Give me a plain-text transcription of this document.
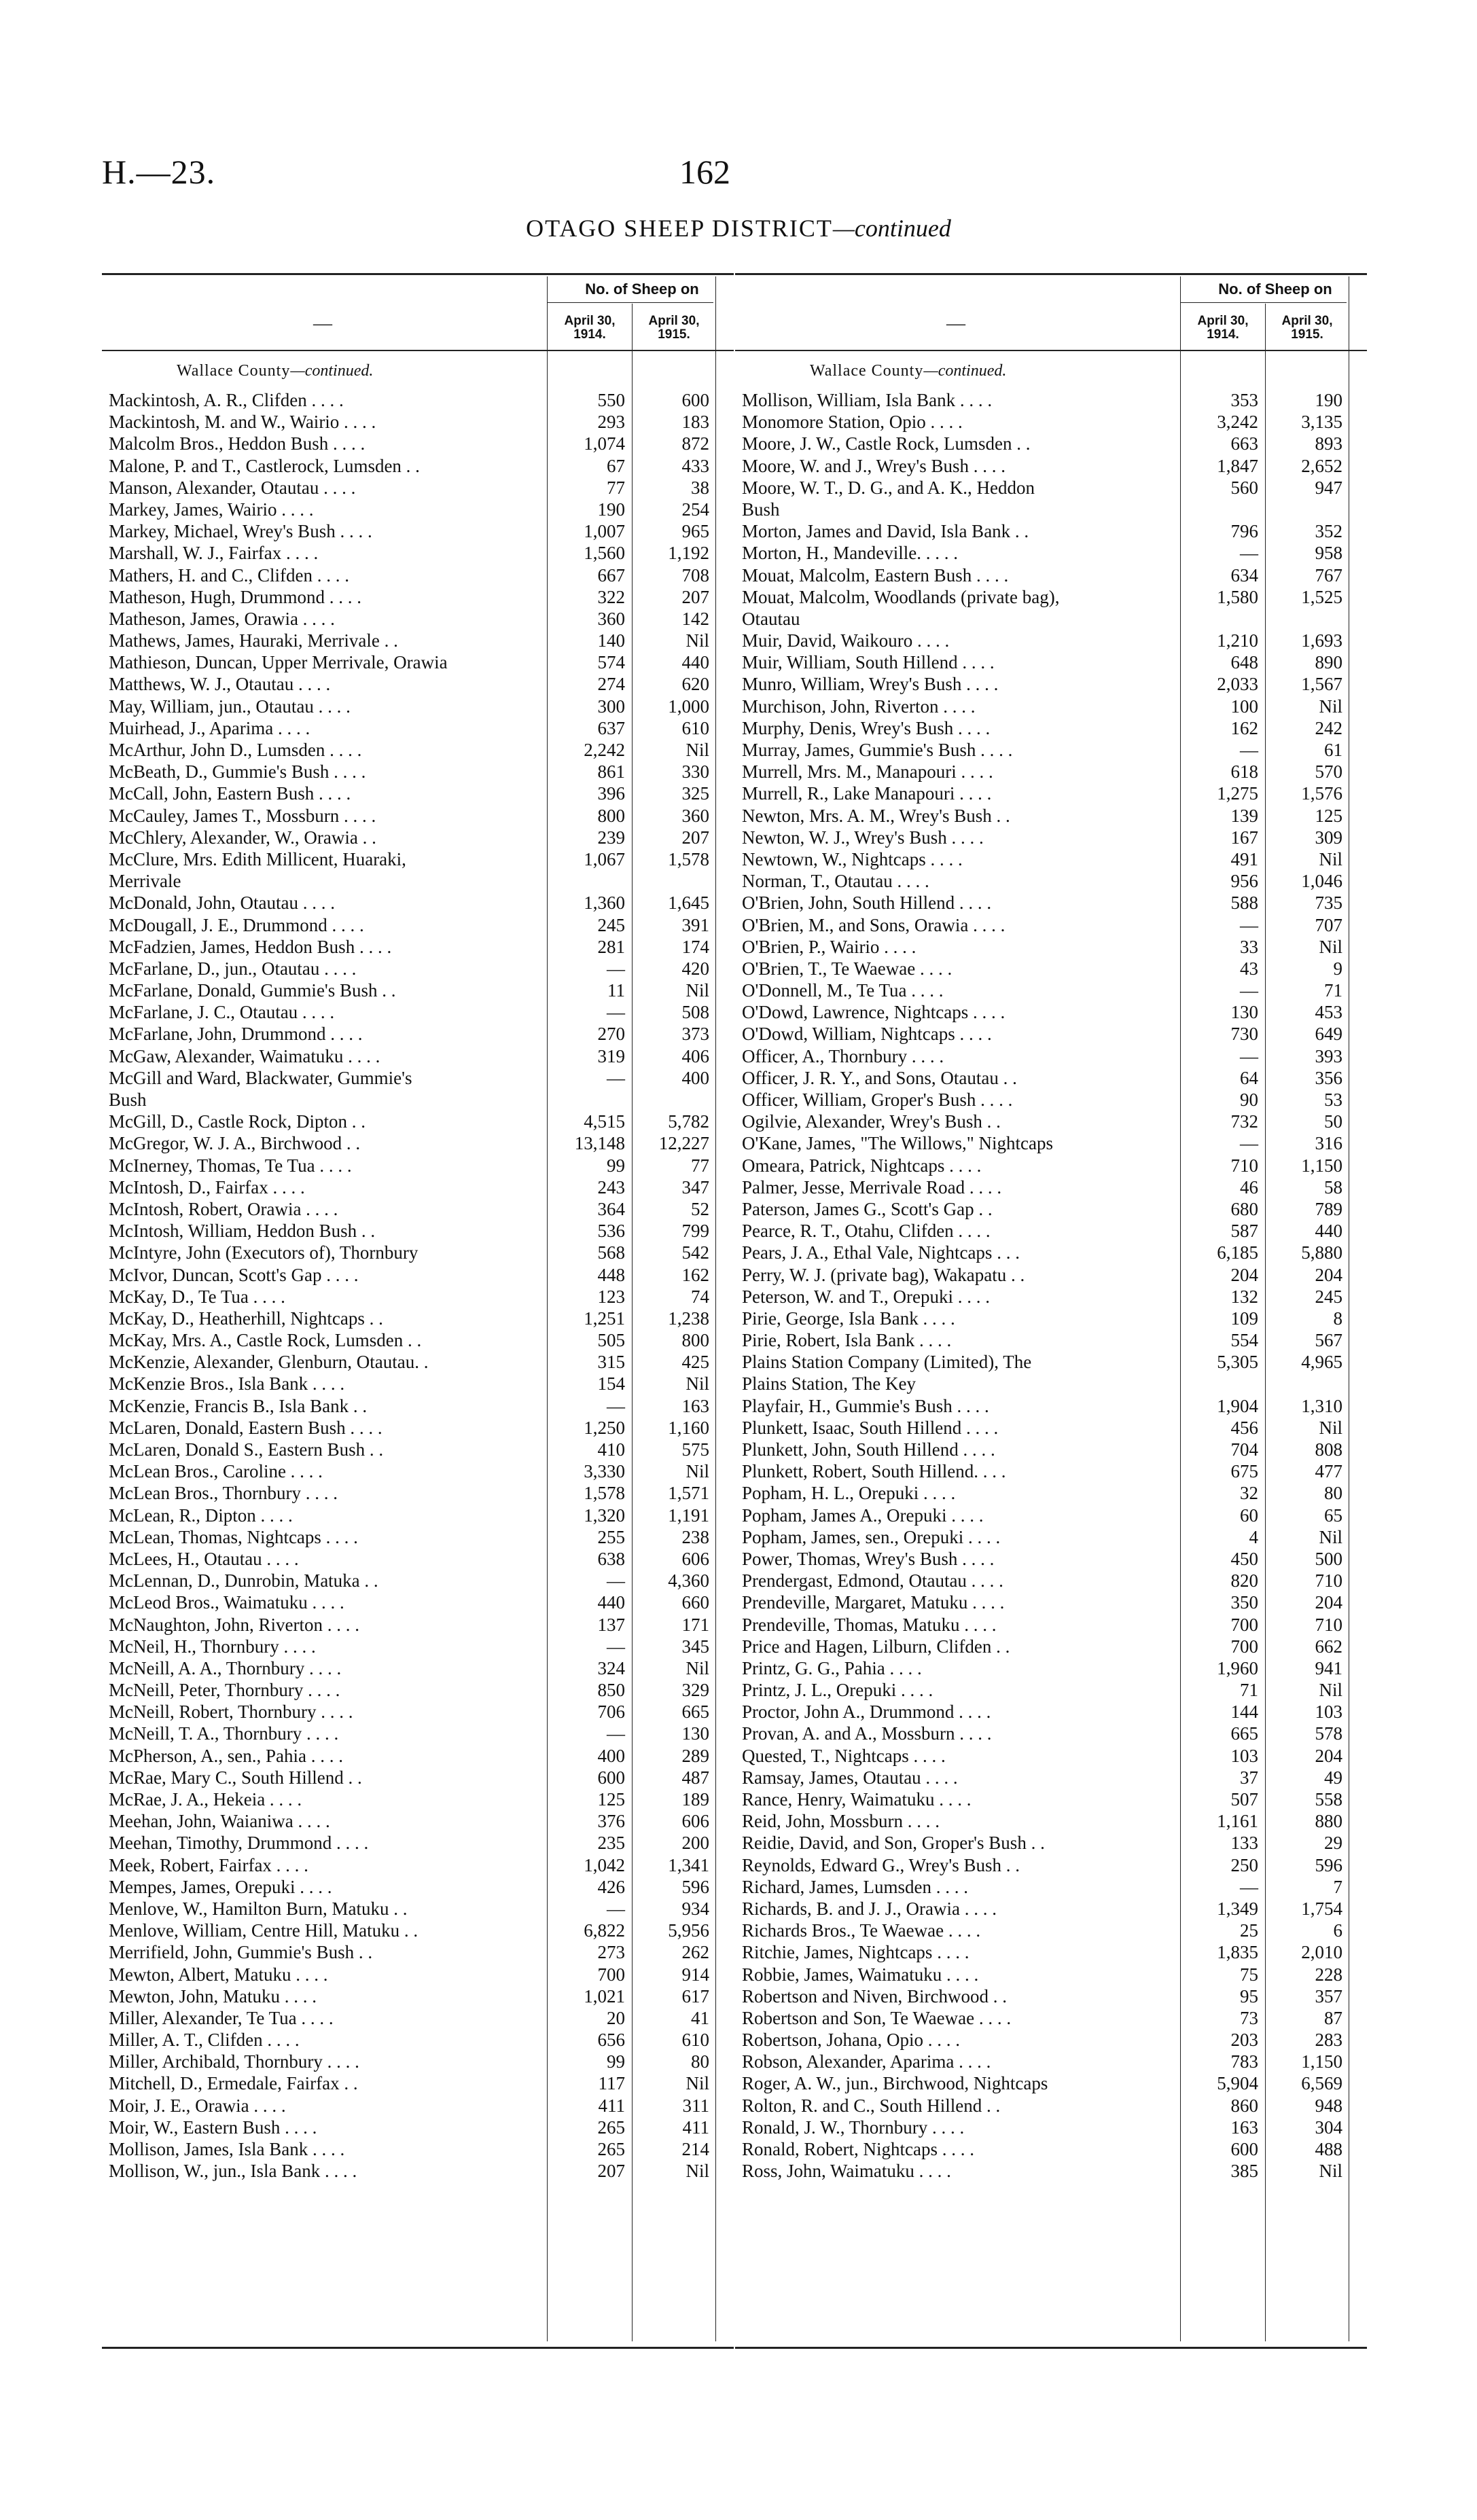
H.—23.	162
OTAGO SHEEP DISTRICT—continued
—
No. of Sheep on
April 30, 1914.
April 30, 1915.
Wallace County—continued.
Mackintosh, A. R., Clifden . . . .	550	600
Mackintosh, M. and W., Wairio . . . .	293	183
Malcolm Bros., Heddon Bush . . . .	1,074	872
Malone, P. and T., Castlerock, Lumsden . .	67	433
Manson, Alexander, Otautau . . . .	77	38
Markey, James, Wairio . . . .	190	254
Markey, Michael, Wrey's Bush . . . .	1,007	965
Marshall, W. J., Fairfax . . . .	1,560	1,192
Mathers, H. and C., Clifden . . . .	667	708
Matheson, Hugh, Drummond . . . .	322	207
Matheson, James, Orawia . . . .	360	142
Mathews, James, Hauraki, Merrivale . .	140	Nil
Mathieson, Duncan, Upper Merrivale, Orawia	574	440
Matthews, W. J., Otautau . . . .	274	620
May, William, jun., Otautau . . . .	300	1,000
Muirhead, J., Aparima . . . .	637	610
McArthur, John D., Lumsden . . . .	2,242	Nil
McBeath, D., Gummie's Bush . . . .	861	330
McCall, John, Eastern Bush . . . .	396	325
McCauley, James T., Mossburn . . . .	800	360
McChlery, Alexander, W., Orawia . .	239	207
McClure, Mrs. Edith Millicent, Huaraki,	1,067	1,578
Merrivale
McDonald, John, Otautau . . . .	1,360	1,645
McDougall, J. E., Drummond . . . .	245	391
McFadzien, James, Heddon Bush . . . .	281	174
McFarlane, D., jun., Otautau . . . .	—	420
McFarlane, Donald, Gummie's Bush . .	11	Nil
McFarlane, J. C., Otautau . . . .	—	508
McFarlane, John, Drummond . . . .	270	373
McGaw, Alexander, Waimatuku . . . .	319	406
McGill and Ward, Blackwater, Gummie's	—	400
Bush
McGill, D., Castle Rock, Dipton . .	4,515	5,782
McGregor, W. J. A., Birchwood . .	13,148	12,227
McInerney, Thomas, Te Tua . . . .	99	77
McIntosh, D., Fairfax . . . .	243	347
McIntosh, Robert, Orawia . . . .	364	52
McIntosh, William, Heddon Bush . .	536	799
McIntyre, John (Executors of), Thornbury	568	542
McIvor, Duncan, Scott's Gap . . . .	448	162
McKay, D., Te Tua . . . .	123	74
McKay, D., Heatherhill, Nightcaps . .	1,251	1,238
McKay, Mrs. A., Castle Rock, Lumsden . .	505	800
McKenzie, Alexander, Glenburn, Otautau. .	315	425
McKenzie Bros., Isla Bank . . . .	154	Nil
McKenzie, Francis B., Isla Bank . .	—	163
McLaren, Donald, Eastern Bush . . . .	1,250	1,160
McLaren, Donald S., Eastern Bush . .	410	575
McLean Bros., Caroline . . . .	3,330	Nil
McLean Bros., Thornbury . . . .	1,578	1,571
McLean, R., Dipton . . . .	1,320	1,191
McLean, Thomas, Nightcaps . . . .	255	238
McLees, H., Otautau . . . .	638	606
McLennan, D., Dunrobin, Matuka . .	—	4,360
McLeod Bros., Waimatuku . . . .	440	660
McNaughton, John, Riverton . . . .	137	171
McNeil, H., Thornbury . . . .	—	345
McNeill, A. A., Thornbury . . . .	324	Nil
McNeill, Peter, Thornbury . . . .	850	329
McNeill, Robert, Thornbury . . . .	706	665
McNeill, T. A., Thornbury . . . .	—	130
McPherson, A., sen., Pahia . . . .	400	289
McRae, Mary C., South Hillend . .	600	487
McRae, J. A., Hekeia . . . .	125	189
Meehan, John, Waianiwa . . . .	376	606
Meehan, Timothy, Drummond . . . .	235	200
Meek, Robert, Fairfax . . . .	1,042	1,341
Mempes, James, Orepuki . . . .	426	596
Menlove, W., Hamilton Burn, Matuku . .	—	934
Menlove, William, Centre Hill, Matuku . .	6,822	5,956
Merrifield, John, Gummie's Bush . .	273	262
Mewton, Albert, Matuku . . . .	700	914
Mewton, John, Matuku . . . .	1,021	617
Miller, Alexander, Te Tua . . . .	20	41
Miller, A. T., Clifden . . . .	656	610
Miller, Archibald, Thornbury . . . .	99	80
Mitchell, D., Ermedale, Fairfax . .	117	Nil
Moir, J. E., Orawia . . . .	411	311
Moir, W., Eastern Bush . . . .	265	411
Mollison, James, Isla Bank . . . .	265	214
Mollison, W., jun., Isla Bank . . . .	207	Nil
—
No. of Sheep on
April 30, 1914.
April 30, 1915.
Wallace County—continued.
Mollison, William, Isla Bank . . . .	353	190
Monomore Station, Opio . . . .	3,242	3,135
Moore, J. W., Castle Rock, Lumsden . .	663	893
Moore, W. and J., Wrey's Bush . . . .	1,847	2,652
Moore, W. T., D. G., and A. K., Heddon	560	947
Bush
Morton, James and David, Isla Bank . .	796	352
Morton, H., Mandeville. . . . .	—	958
Mouat, Malcolm, Eastern Bush . . . .	634	767
Mouat, Malcolm, Woodlands (private bag),	1,580	1,525
Otautau
Muir, David, Waikouro . . . .	1,210	1,693
Muir, William, South Hillend . . . .	648	890
Munro, William, Wrey's Bush . . . .	2,033	1,567
Murchison, John, Riverton . . . .	100	Nil
Murphy, Denis, Wrey's Bush . . . .	162	242
Murray, James, Gummie's Bush . . . .	—	61
Murrell, Mrs. M., Manapouri . . . .	618	570
Murrell, R., Lake Manapouri . . . .	1,275	1,576
Newton, Mrs. A. M., Wrey's Bush . .	139	125
Newton, W. J., Wrey's Bush . . . .	167	309
Newtown, W., Nightcaps . . . .	491	Nil
Norman, T., Otautau . . . .	956	1,046
O'Brien, John, South Hillend . . . .	588	735
O'Brien, M., and Sons, Orawia . . . .	—	707
O'Brien, P., Wairio . . . .	33	Nil
O'Brien, T., Te Waewae . . . .	43	9
O'Donnell, M., Te Tua . . . .	—	71
O'Dowd, Lawrence, Nightcaps . . . .	130	453
O'Dowd, William, Nightcaps . . . .	730	649
Officer, A., Thornbury . . . .	—	393
Officer, J. R. Y., and Sons, Otautau . .	64	356
Officer, William, Groper's Bush . . . .	90	53
Ogilvie, Alexander, Wrey's Bush . .	732	50
O'Kane, James, "The Willows," Nightcaps	—	316
Omeara, Patrick, Nightcaps . . . .	710	1,150
Palmer, Jesse, Merrivale Road . . . .	46	58
Paterson, James G., Scott's Gap . .	680	789
Pearce, R. T., Otahu, Clifden . . . .	587	440
Pears, J. A., Ethal Vale, Nightcaps . . .	6,185	5,880
Perry, W. J. (private bag), Wakapatu . .	204	204
Peterson, W. and T., Orepuki . . . .	132	245
Pirie, George, Isla Bank . . . .	109	8
Pirie, Robert, Isla Bank . . . .	554	567
Plains Station Company (Limited), The	5,305	4,965
Plains Station, The Key
Playfair, H., Gummie's Bush . . . .	1,904	1,310
Plunkett, Isaac, South Hillend . . . .	456	Nil
Plunkett, John, South Hillend . . . .	704	808
Plunkett, Robert, South Hillend. . . .	675	477
Popham, H. L., Orepuki . . . .	32	80
Popham, James A., Orepuki . . . .	60	65
Popham, James, sen., Orepuki . . . .	4	Nil
Power, Thomas, Wrey's Bush . . . .	450	500
Prendergast, Edmond, Otautau . . . .	820	710
Prendeville, Margaret, Matuku . . . .	350	204
Prendeville, Thomas, Matuku . . . .	700	710
Price and Hagen, Lilburn, Clifden . .	700	662
Printz, G. G., Pahia . . . .	1,960	941
Printz, J. L., Orepuki . . . .	71	Nil
Proctor, John A., Drummond . . . .	144	103
Provan, A. and A., Mossburn . . . .	665	578
Quested, T., Nightcaps . . . .	103	204
Ramsay, James, Otautau . . . .	37	49
Rance, Henry, Waimatuku . . . .	507	558
Reid, John, Mossburn . . . .	1,161	880
Reidie, David, and Son, Groper's Bush . .	133	29
Reynolds, Edward G., Wrey's Bush . .	250	596
Richard, James, Lumsden . . . .	—	7
Richards, B. and J. J., Orawia . . . .	1,349	1,754
Richards Bros., Te Waewae . . . .	25	6
Ritchie, James, Nightcaps . . . .	1,835	2,010
Robbie, James, Waimatuku . . . .	75	228
Robertson and Niven, Birchwood . .	95	357
Robertson and Son, Te Waewae . . . .	73	87
Robertson, Johana, Opio . . . .	203	283
Robson, Alexander, Aparima . . . .	783	1,150
Roger, A. W., jun., Birchwood, Nightcaps	5,904	6,569
Rolton, R. and C., South Hillend . .	860	948
Ronald, J. W., Thornbury . . . .	163	304
Ronald, Robert, Nightcaps . . . .	600	488
Ross, John, Waimatuku . . . .	385	Nil
